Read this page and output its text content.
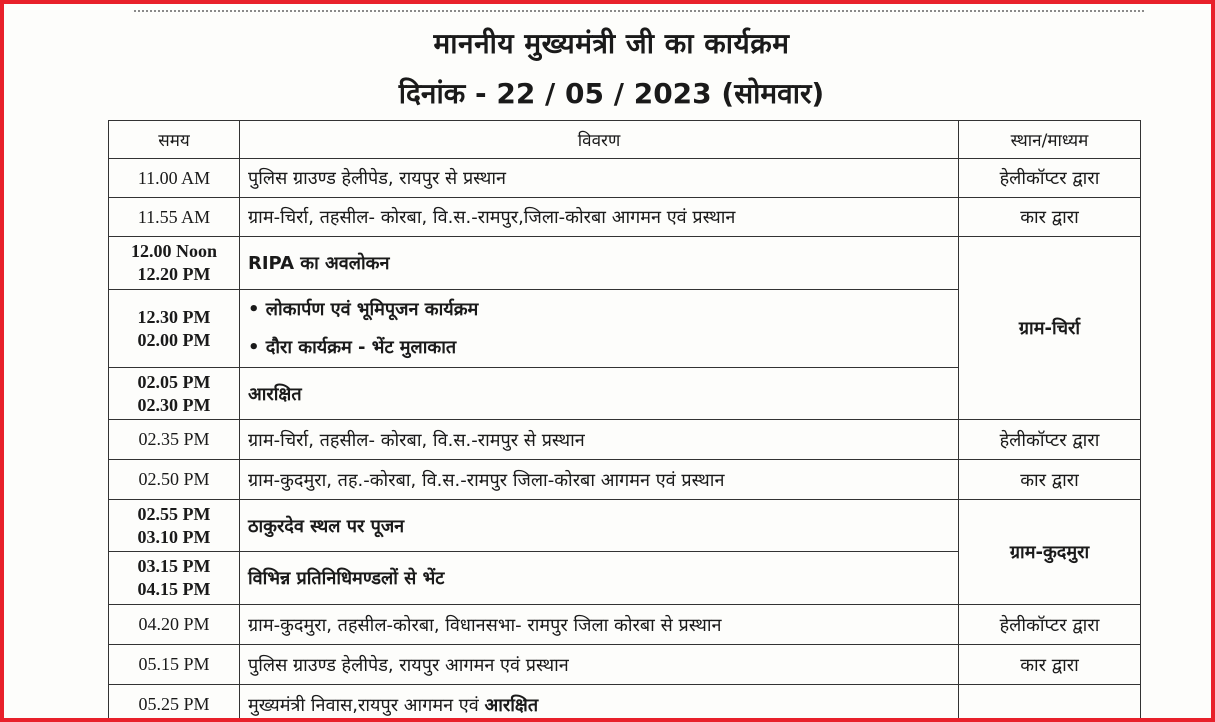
माननीय मुख्यमंत्री जी का कार्यक्रम
दिनांक - 22 / 05 / 2023 (सोमवार)
समय	विवरण	स्थान/माध्यम
11.00 AM	पुलिस ग्राउण्ड हेलीपेड, रायपुर से प्रस्थान	हेलीकॉप्टर द्वारा
11.55 AM	ग्राम-चिर्रा, तहसील- कोरबा, वि.स.-रामपुर,जिला-कोरबा आगमन एवं प्रस्थान	कार द्वारा
12.00 Noon
12.20 PM	RIPA का अवलोकन	ग्राम-चिर्रा
12.30 PM
02.00 PM	• लोकार्पण एवं भूमिपूजन कार्यक्रम
• दौरा कार्यक्रम - भेंट मुलाकात	

02.05 PM
02.30 PM	आरक्षित	
02.35 PM	ग्राम-चिर्रा, तहसील- कोरबा, वि.स.-रामपुर से प्रस्थान	हेलीकॉप्टर द्वारा
02.50 PM	ग्राम-कुदमुरा, तह.-कोरबा, वि.स.-रामपुर जिला-कोरबा आगमन एवं प्रस्थान	कार द्वारा
02.55 PM
03.10 PM	ठाकुरदेव स्थल पर पूजन	ग्राम-कुदमुरा
03.15 PM
04.15 PM	विभिन्न प्रतिनिधिमण्डलों से भेंट	
04.20 PM	ग्राम-कुदमुरा, तहसील-कोरबा, विधानसभा- रामपुर जिला कोरबा से प्रस्थान	हेलीकॉप्टर द्वारा
05.15 PM	पुलिस ग्राउण्ड हेलीपेड, रायपुर आगमन एवं प्रस्थान	कार द्वारा
05.25 PM	मुख्यमंत्री निवास,रायपुर आगमन एवं आरक्षित	
